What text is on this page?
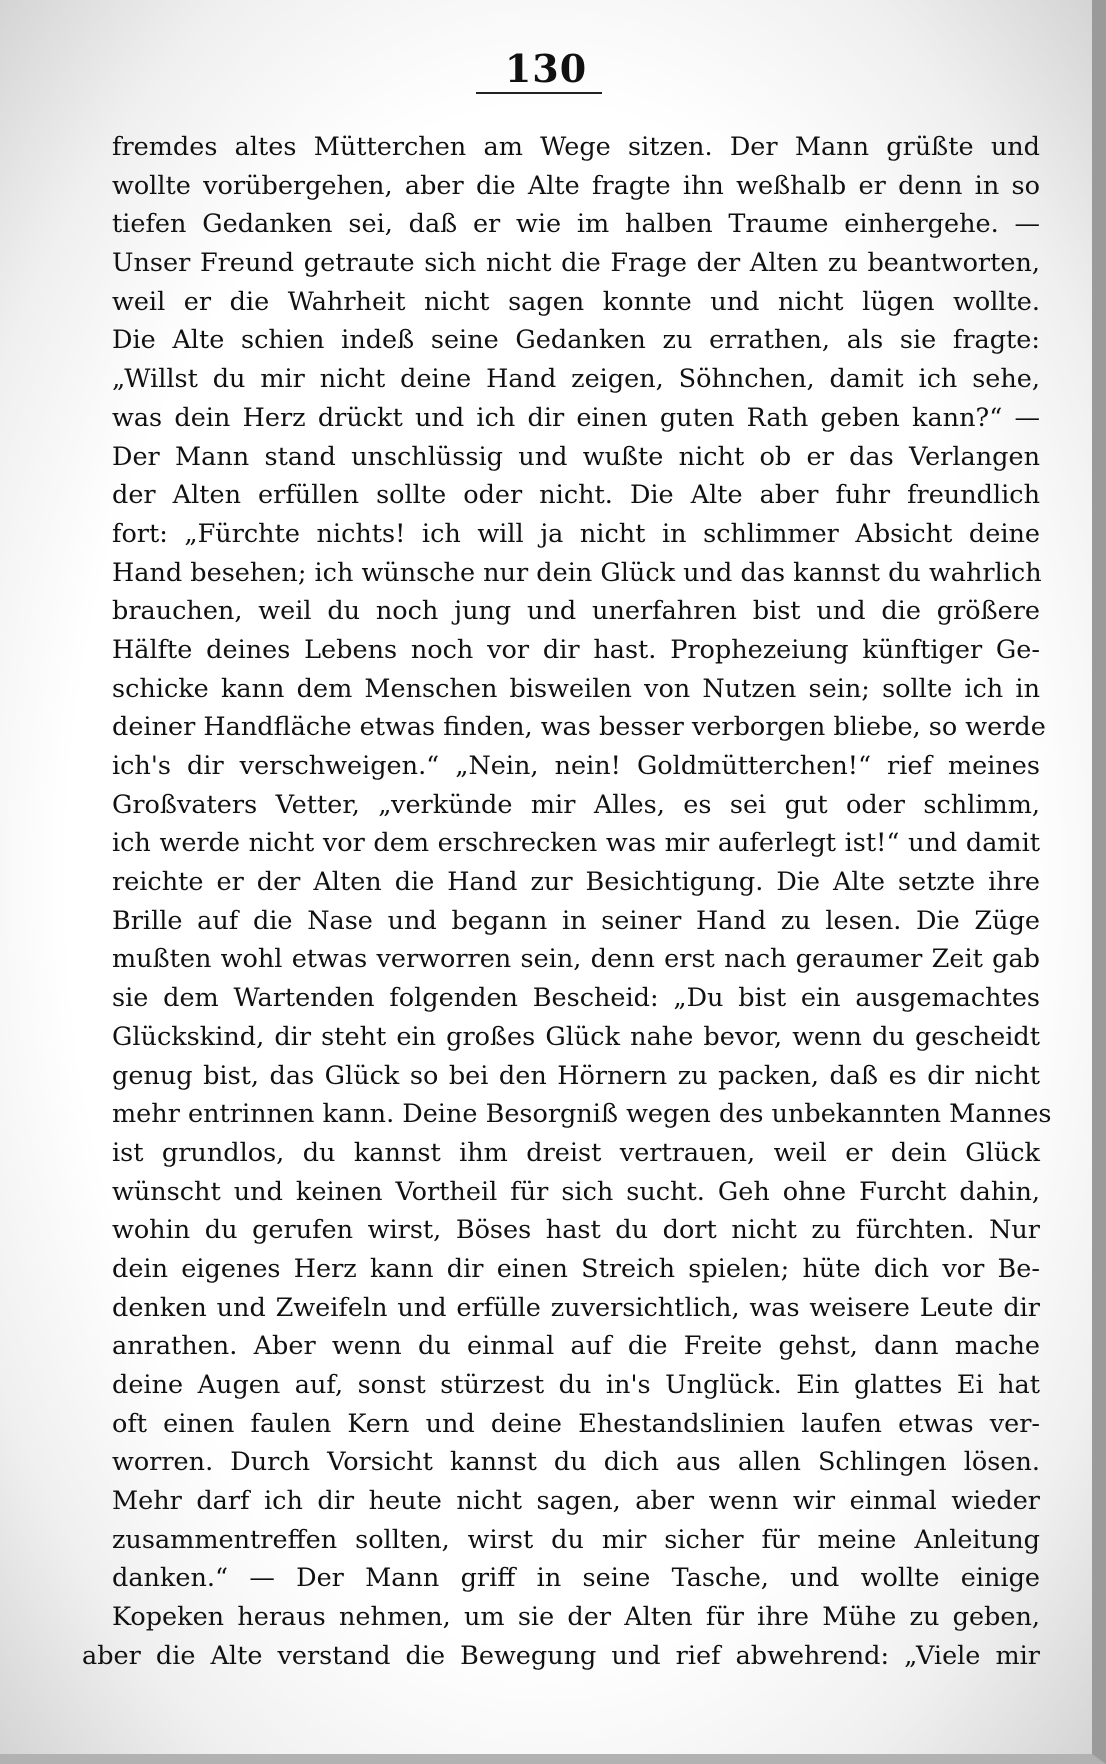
130
fremdes altes Mütterchen am Wege sitzen. Der Mann grüßte und
wollte vorübergehen, aber die Alte fragte ihn weßhalb er denn in so
tiefen Gedanken sei, daß er wie im halben Traume einhergehe. —
Unser Freund getraute sich nicht die Frage der Alten zu beantworten,
weil er die Wahrheit nicht sagen konnte und nicht lügen wollte.
Die Alte schien indeß seine Gedanken zu errathen, als sie fragte:
„Willst du mir nicht deine Hand zeigen, Söhnchen, damit ich sehe,
was dein Herz drückt und ich dir einen guten Rath geben kann?“ —
Der Mann stand unschlüssig und wußte nicht ob er das Verlangen
der Alten erfüllen sollte oder nicht. Die Alte aber fuhr freundlich
fort: „Fürchte nichts! ich will ja nicht in schlimmer Absicht deine
Hand besehen; ich wünsche nur dein Glück und das kannst du wahrlich
brauchen, weil du noch jung und unerfahren bist und die größere
Hälfte deines Lebens noch vor dir hast. Prophezeiung künftiger Ge-
schicke kann dem Menschen bisweilen von Nutzen sein; sollte ich in
deiner Handfläche etwas finden, was besser verborgen bliebe, so werde
ich's dir verschweigen.“ „Nein, nein! Goldmütterchen!“ rief meines
Großvaters Vetter, „verkünde mir Alles, es sei gut oder schlimm,
ich werde nicht vor dem erschrecken was mir auferlegt ist!“ und damit
reichte er der Alten die Hand zur Besichtigung. Die Alte setzte ihre
Brille auf die Nase und begann in seiner Hand zu lesen. Die Züge
mußten wohl etwas verworren sein, denn erst nach geraumer Zeit gab
sie dem Wartenden folgenden Bescheid: „Du bist ein ausgemachtes
Glückskind, dir steht ein großes Glück nahe bevor, wenn du gescheidt
genug bist, das Glück so bei den Hörnern zu packen, daß es dir nicht
mehr entrinnen kann. Deine Besorgniß wegen des unbekannten Mannes
ist grundlos, du kannst ihm dreist vertrauen, weil er dein Glück
wünscht und keinen Vortheil für sich sucht. Geh ohne Furcht dahin,
wohin du gerufen wirst, Böses hast du dort nicht zu fürchten. Nur
dein eigenes Herz kann dir einen Streich spielen; hüte dich vor Be-
denken und Zweifeln und erfülle zuversichtlich, was weisere Leute dir
anrathen. Aber wenn du einmal auf die Freite gehst, dann mache
deine Augen auf, sonst stürzest du in's Unglück. Ein glattes Ei hat
oft einen faulen Kern und deine Ehestandslinien laufen etwas ver-
worren. Durch Vorsicht kannst du dich aus allen Schlingen lösen.
Mehr darf ich dir heute nicht sagen, aber wenn wir einmal wieder
zusammentreffen sollten, wirst du mir sicher für meine Anleitung
danken.“ — Der Mann griff in seine Tasche, und wollte einige
Kopeken heraus nehmen, um sie der Alten für ihre Mühe zu geben,
aber die Alte verstand die Bewegung und rief abwehrend: „Viele mir
